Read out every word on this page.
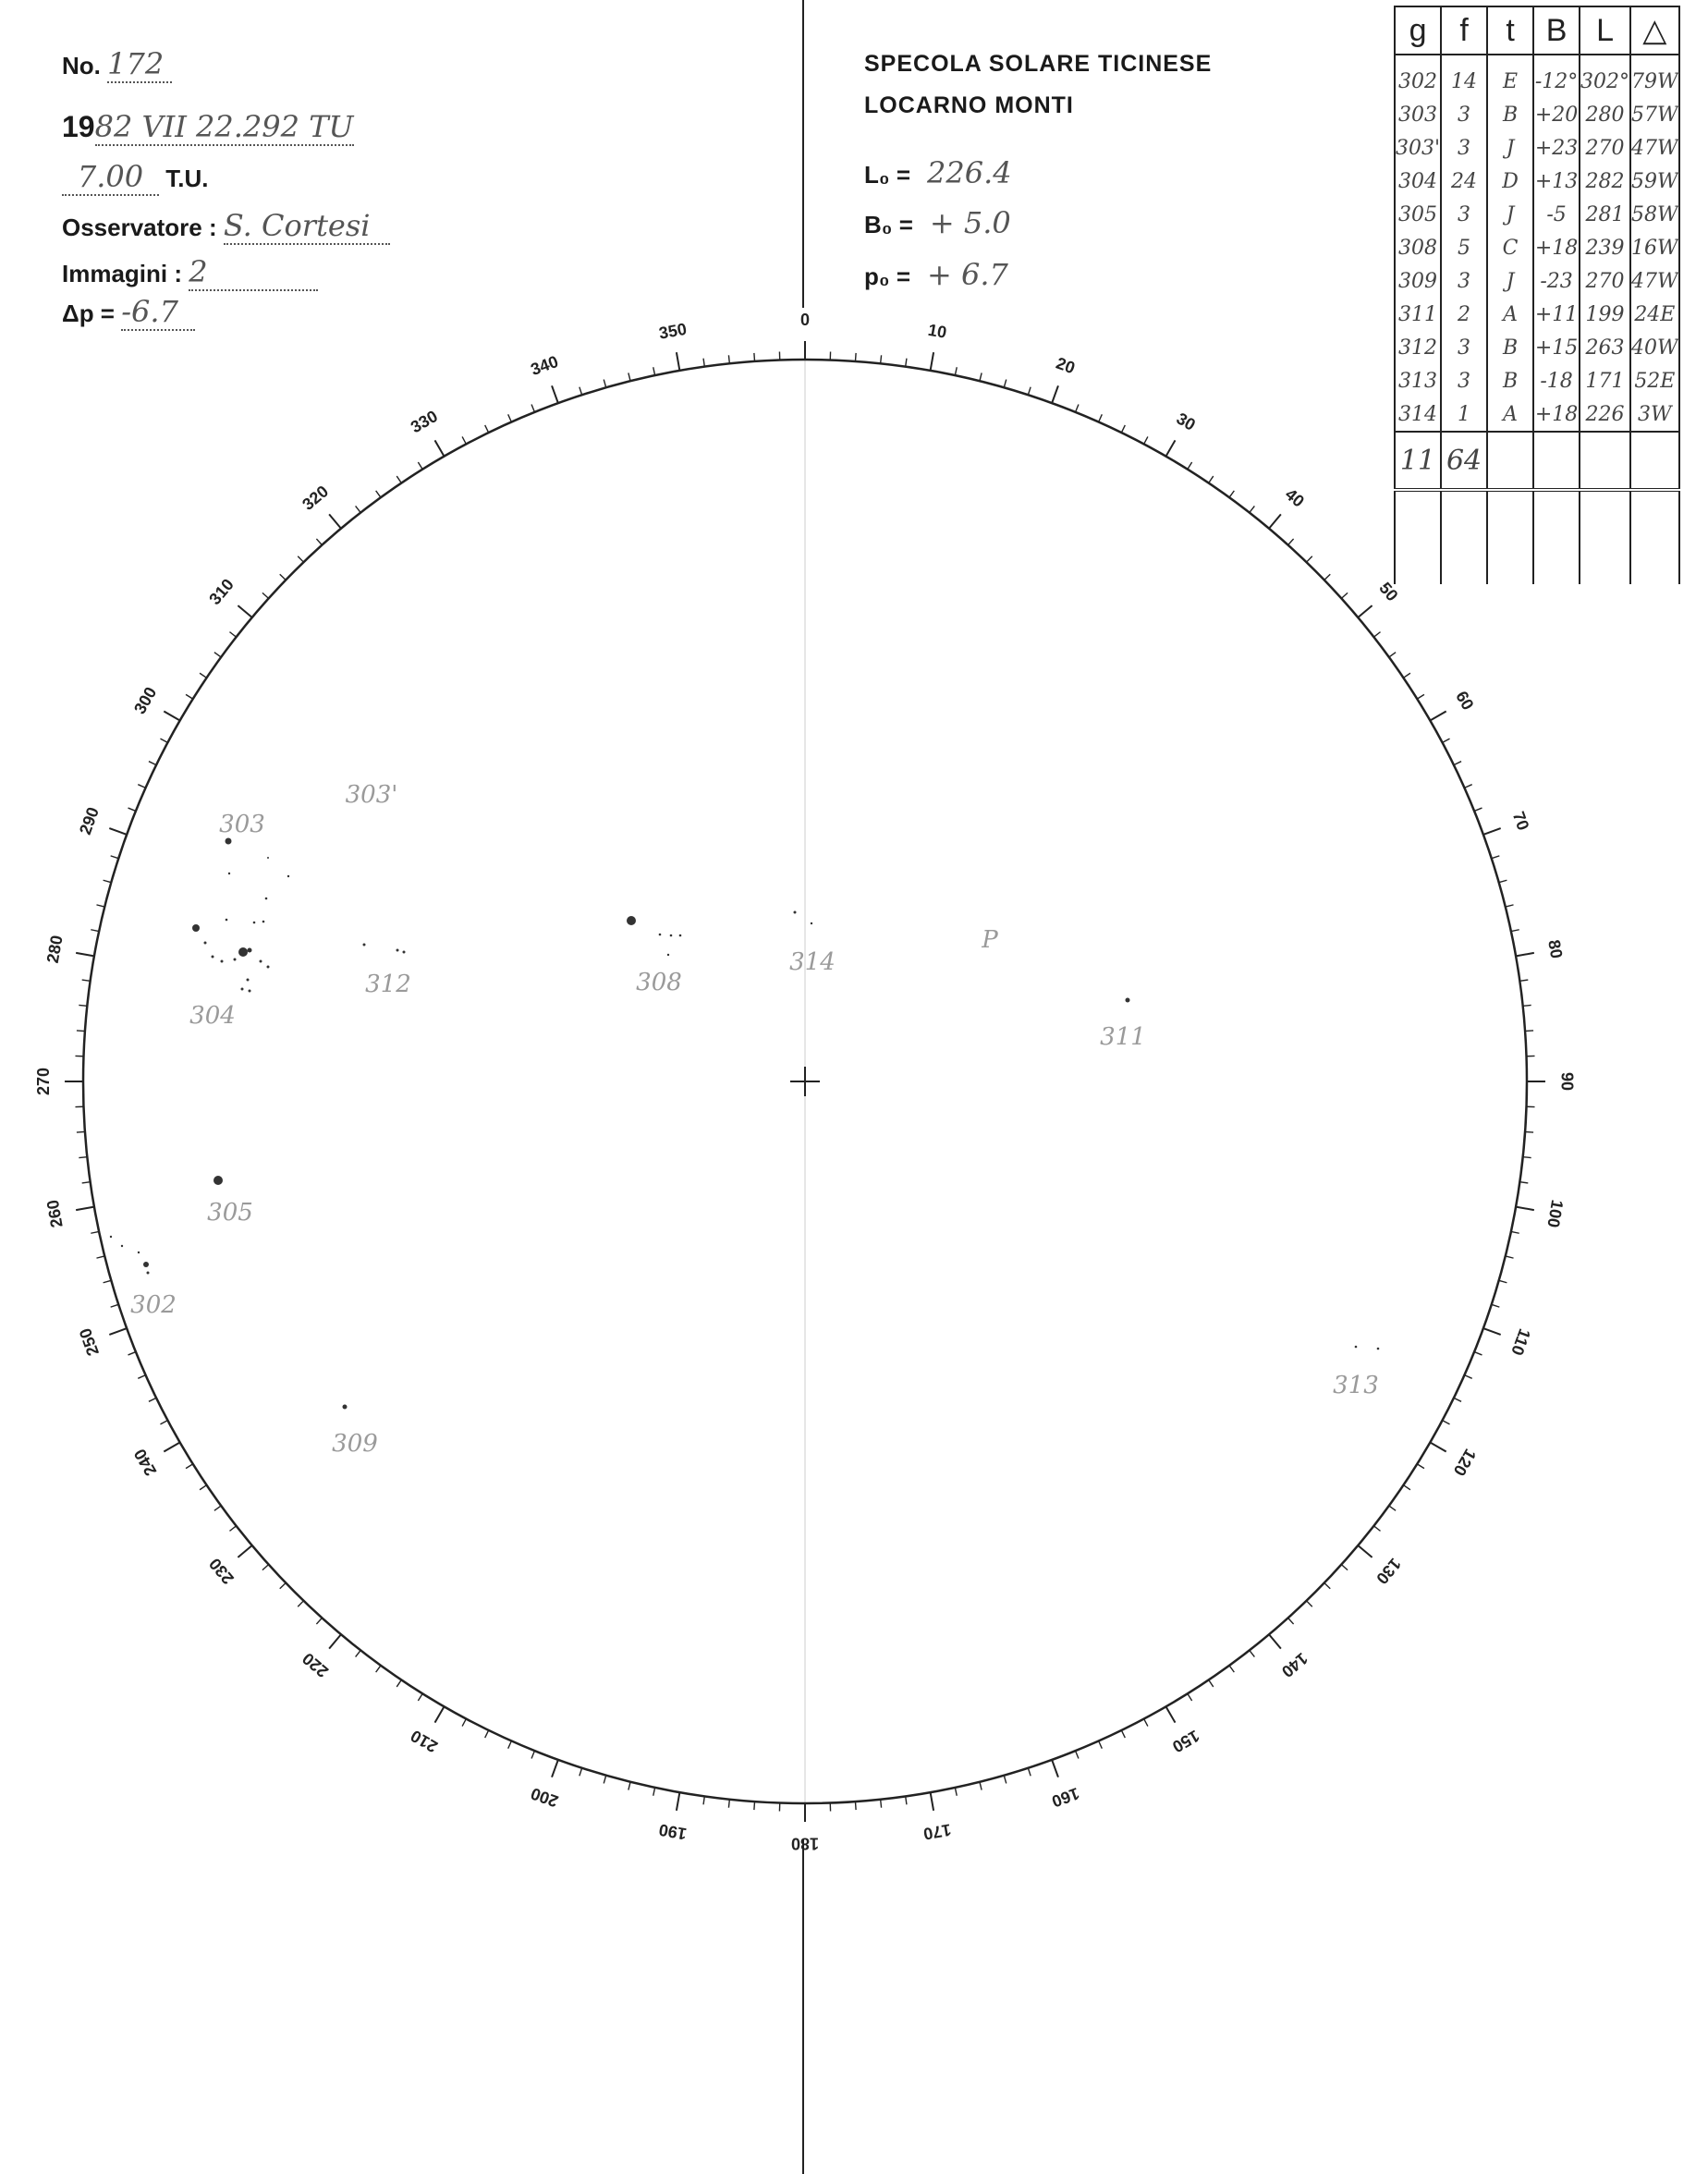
No. 172
1982 VII 22.292 TU
7.00 T.U.
Osservatore : S. Cortesi
Immagini : 2
Δp = -6.7
SPECOLA SOLARE TICINESE
LOCARNO MONTI
L₀ = 226.4
B₀ = + 5.0
p₀ = + 6.7
g	f	t	B	L	△
302	14	E	-12°	302°	79W
303	3	B	+20	280	57W
303'	3	J	+23	270	47W
304	24	D	+13	282	59W
305	3	J	-5	281	58W
308	5	C	+18	239	16W
309	3	J	-23	270	47W
311	2	A	+11	199	24E
312	3	B	+15	263	40W
313	3	B	-18	171	52E
314	1	A	+18	226	3W
11	64				

0
10
20
30
40
50
60
70
80
90
100
110
120
130
140
150
160
170
180
190
200
210
220
230
240
250
260
270
280
290
300
310
320
330
340
350
303
303'
304
312	308
314
311
305
302
309
313
P
